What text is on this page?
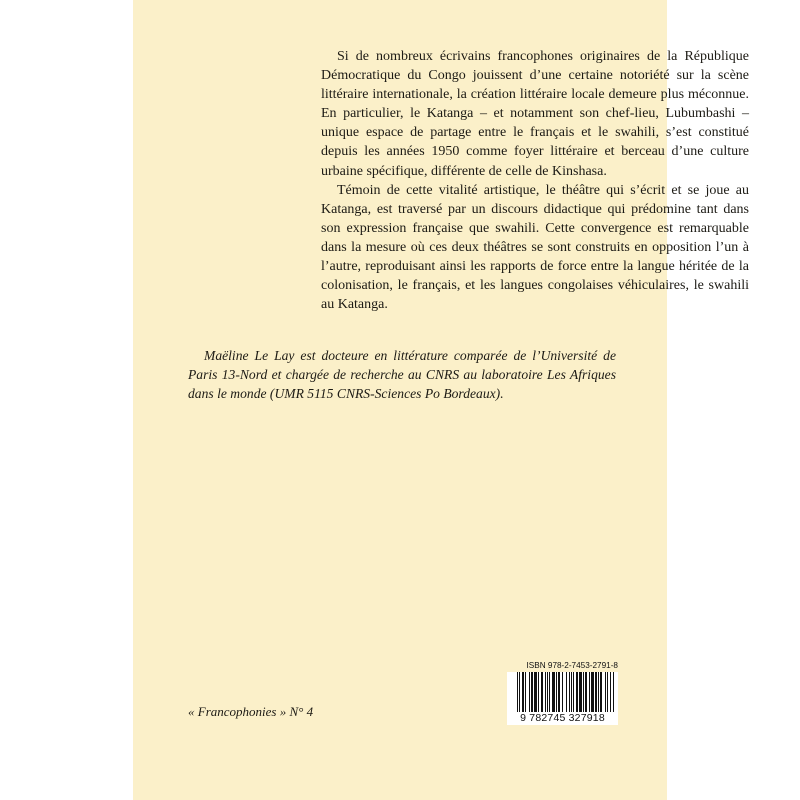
Si de nombreux écrivains francophones originaires de la République Démocratique du Congo jouissent d’une certaine notoriété sur la scène littéraire internationale, la création littéraire locale demeure plus méconnue. En particulier, le Katanga – et notamment son chef-lieu, Lubumbashi – unique espace de partage entre le français et le swahili, s’est constitué depuis les années 1950 comme foyer littéraire et berceau d’une culture urbaine spécifique, différente de celle de Kinshasa.

Témoin de cette vitalité artistique, le théâtre qui s’écrit et se joue au Katanga, est traversé par un discours didactique qui prédomine tant dans son expression française que swahili. Cette convergence est remarquable dans la mesure où ces deux théâtres se sont construits en opposition l’un à l’autre, reproduisant ainsi les rapports de force entre la langue héritée de la colonisation, le français, et les langues congolaises véhiculaires, le swahili au Katanga.

Maëline Le Lay est docteure en littérature comparée de l’Université de Paris 13-Nord et chargée de recherche au CNRS au laboratoire Les Afriques dans le monde (UMR 5115 CNRS-Sciences Po Bordeaux).

« Francophonies » N° 4
ISBN 978-2-7453-2791-8
9 782745 327918
